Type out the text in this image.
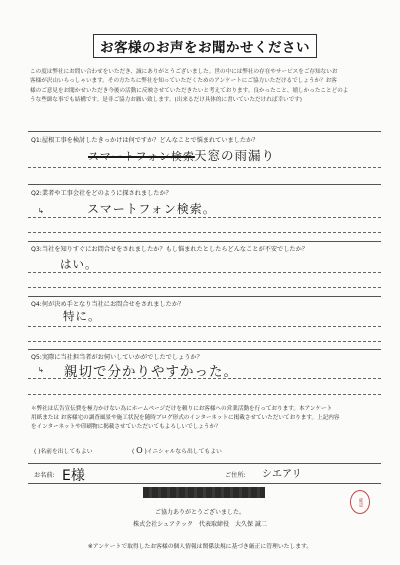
お客様のお声をお聞かせください

この度は弊社にお問い合わせをいただき、誠にありがとうございました。世の中には弊社の存在やサービスをご存知ないお

客様が沢山いらっしゃいます。その方たちに弊社を知っていただくためのアンケートにご協力いただけるでしょうか？お客

様のご意見をお聞かせいただき今後の活動に反映させていただきたいと考えております。良かったこと、嬉しかったことどのよ

うな些細な事でも結構です。是非ご協力お願い致します。(出来るだけ具体的に書いていただければ幸いです)

Q1:屋根工事を検討したきっかけは何ですか？どんなことで悩まれていましたか？
スマートフォン検索 天窓の雨漏り
Q2:業者や工事会社をどのように探されましたか？
↳	スマートフォン検索。
Q3:当社を知りすぐにお問合せをされましたか？もし悩まれたとしたらどんなことが不安でしたか？
はい。
Q4:何が決め手となり当社にお問合せをされましたか？
特に。
Q5:実際に当社担当者がお伺いしていかがでしたでしょうか？
↳ 親切で分かりやすかった。

＊弊社は広告宣伝費を極力かけない為にホームページだけを頼りにお客様への営業活動を行っております。本アンケート

用紙または お客様宅の調査風景や施工状況を随時ブログ形式のインターネットに掲載させていただいております。上記内容

をインターネットや印刷物に掲載させていただいてもよろしいでしょうか？

( )名前を出してもよい	( O )イニシャルなら出してもよい
お名前: E様	ご住所: シエアリ
ご協力ありがとうございました。
株式会社シュアテック　代表取締役　大久保 誠二
※アンケートで取得したお客様の個人情報は関係法規に基づき厳正に管理いたします。
確認
